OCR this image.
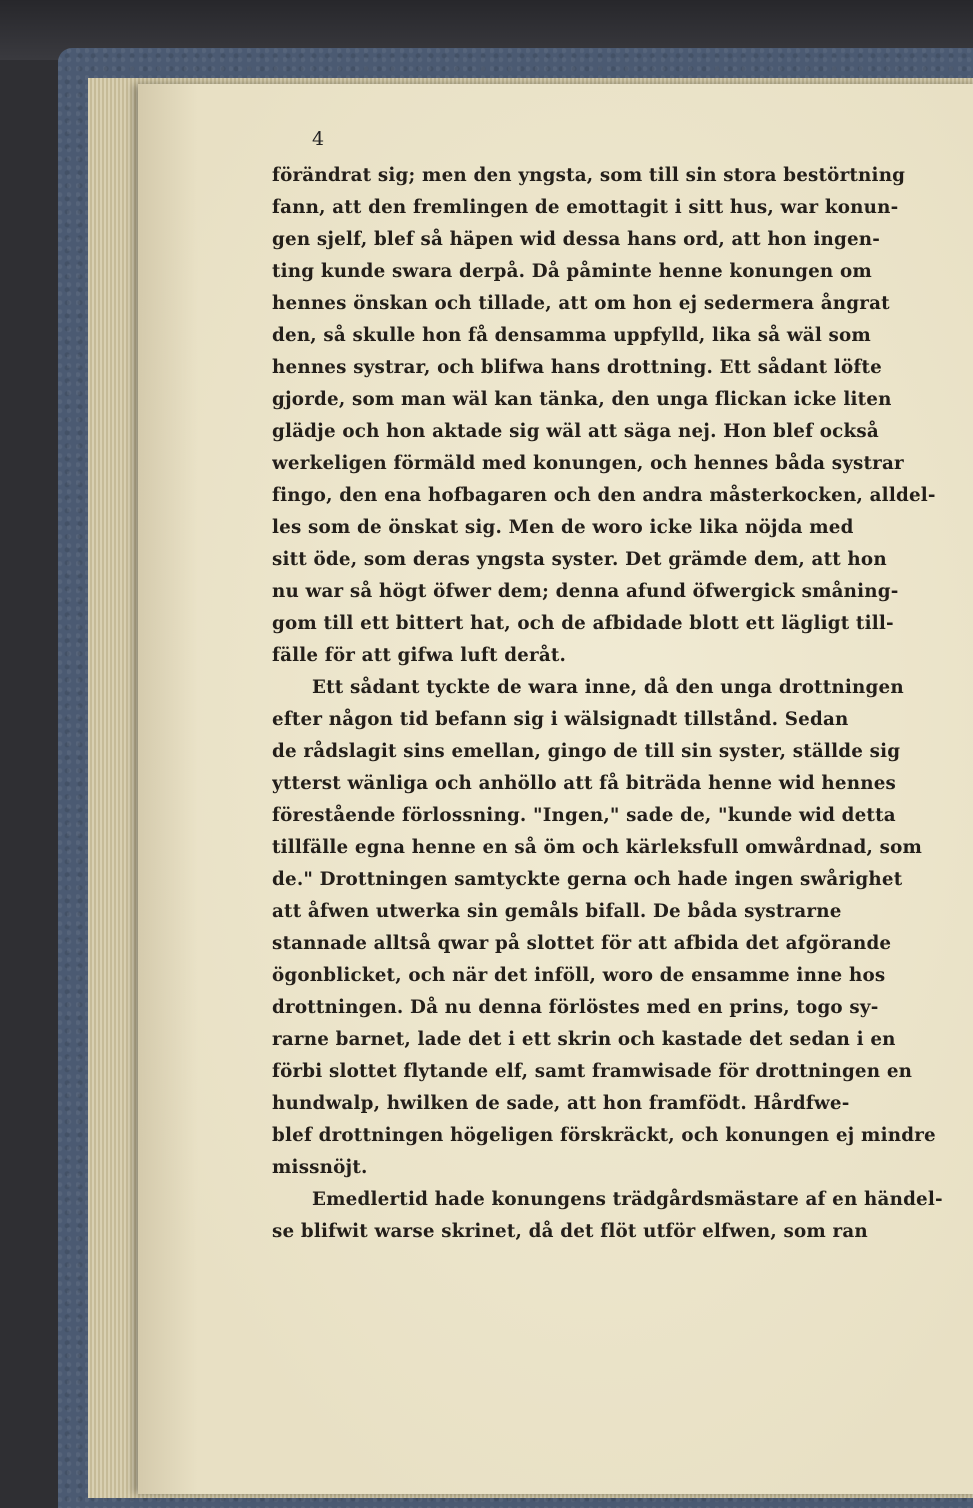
4

förändrat sig; men den yngsta, som till sin stora bestörtning
fann, att den fremlingen de emottagit i sitt hus, war konun‐
gen sjelf, blef så häpen wid dessa hans ord, att hon ingen‐
ting kunde swara derpå. Då påminte henne konungen om
hennes önskan och tillade, att om hon ej sedermera ångrat
den, så skulle hon få densamma uppfylld, lika så wäl som
hennes systrar, och blifwa hans drottning. Ett sådant löfte
gjorde, som man wäl kan tänka, den unga flickan icke liten
glädje och hon aktade sig wäl att säga nej. Hon blef också
werkeligen förmäld med konungen, och hennes båda systrar
fingo, den ena hofbagaren och den andra måsterkocken, alldel‐
les som de önskat sig. Men de woro icke lika nöjda med
sitt öde, som deras yngsta syster. Det grämde dem, att hon
nu war så högt öfwer dem; denna afund öfwergick småning‐
gom till ett bittert hat, och de afbidade blott ett lägligt till‐
fälle för att gifwa luft deråt.
Ett sådant tyckte de wara inne, då den unga drottningen
efter någon tid befann sig i wälsignadt tillstånd. Sedan
de rådslagit sins emellan, gingo de till sin syster, ställde sig
ytterst wänliga och anhöllo att få biträda henne wid hennes
förestående förlossning. "Ingen," sade de, "kunde wid detta
tillfälle egna henne en så öm och kärleksfull omwårdnad, som
de." Drottningen samtyckte gerna och hade ingen swårighet
att åfwen utwerka sin gemåls bifall. De båda systrarne
stannade alltså qwar på slottet för att afbida det afgörande
ögonblicket, och när det inföll, woro de ensamme inne hos
drottningen. Då nu denna förlöstes med en prins, togo sy‐
rarne barnet, lade det i ett skrin och kastade det sedan i en
förbi slottet flytande elf, samt framwisade för drottningen en
hundwalp, hwilken de sade, att hon framfödt. Hårdfwe‐
blef drottningen högeligen förskräckt, och konungen ej mindre
missnöjt.
Emedlertid hade konungens trädgårdsmästare af en händel‐
se blifwit warse skrinet, då det flöt utför elfwen, som ran
